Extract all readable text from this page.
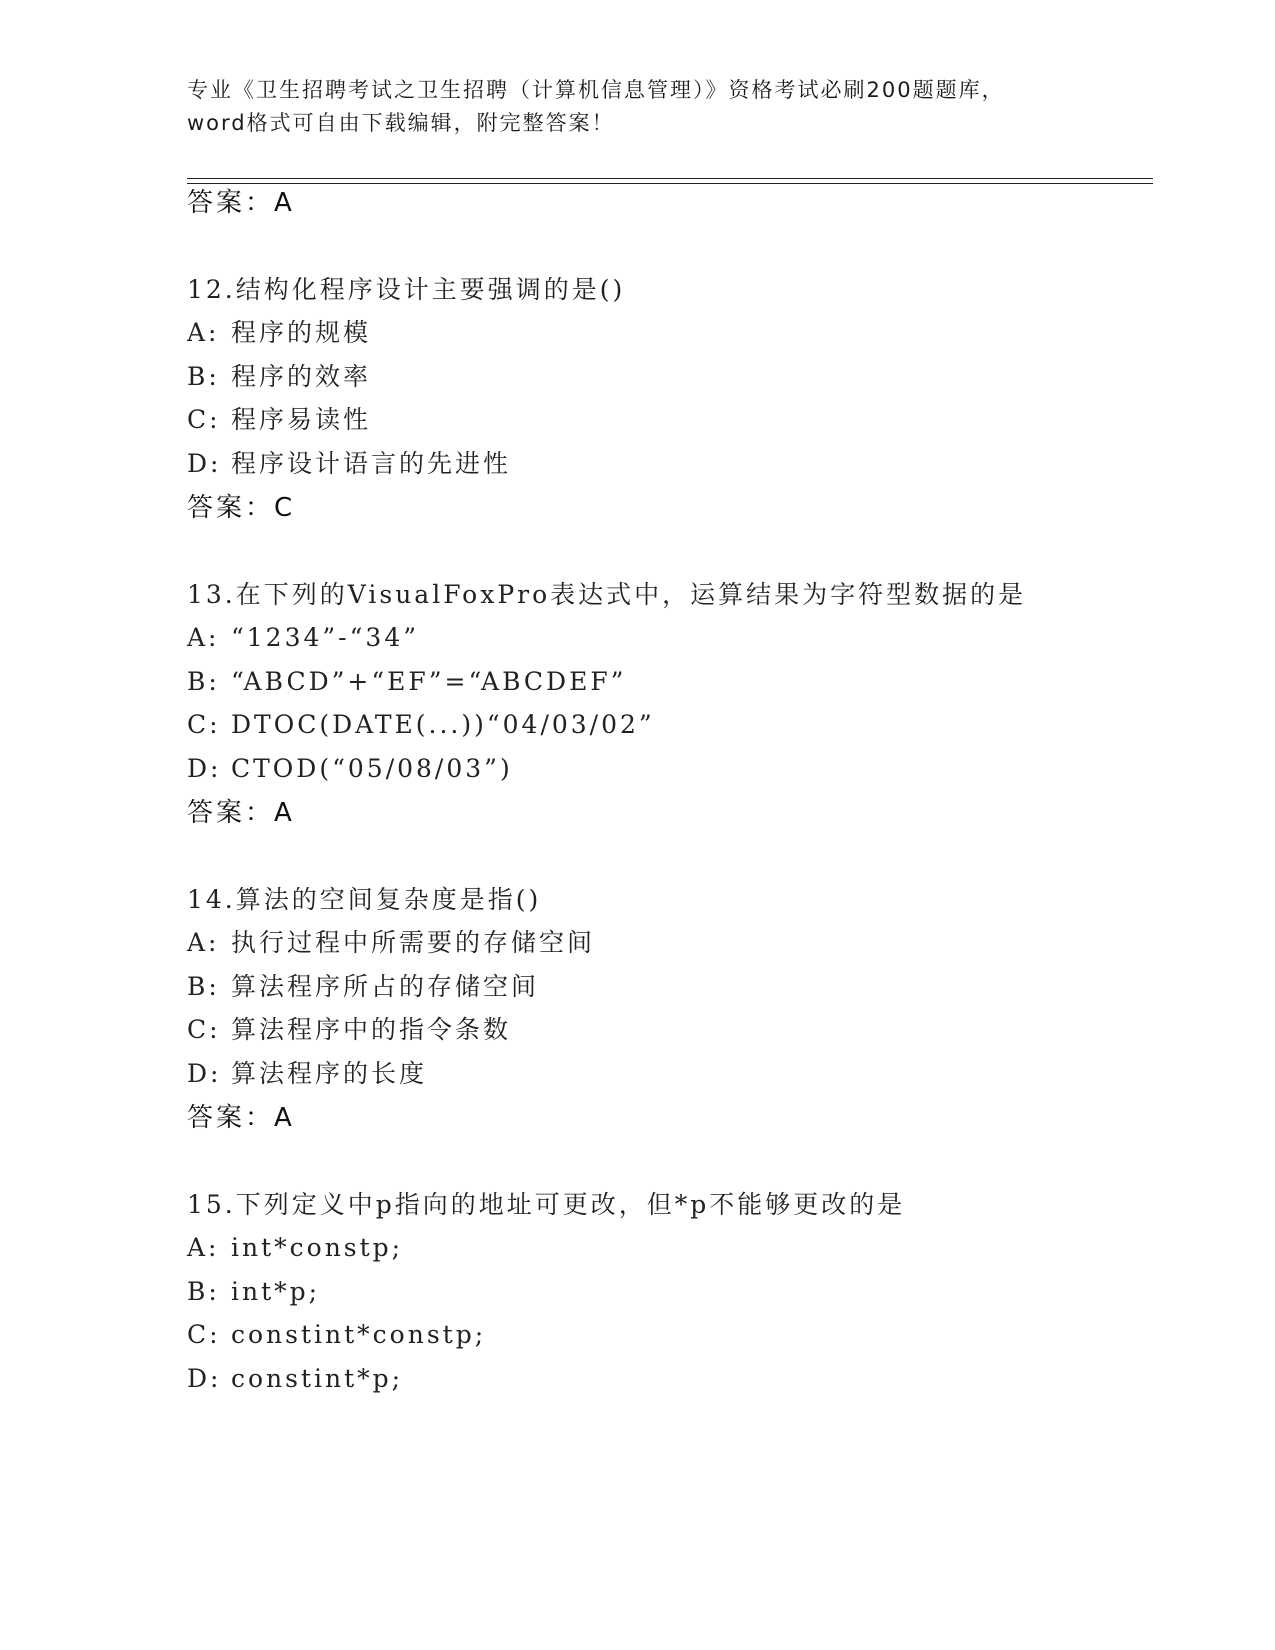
专业《卫生招聘考试之卫生招聘（计算机信息管理）》资格考试必刷200题题库，
word格式可自由下载编辑，附完整答案！
答案：A
12.结构化程序设计主要强调的是()
A: 程序的规模
B: 程序的效率
C: 程序易读性
D: 程序设计语言的先进性
答案：C
13.在下列的VisualFoxPro表达式中，运算结果为字符型数据的是
A: “1234”-“34”
B: “ABCD”+“EF”=“ABCDEF”
C: DTOC(DATE(...))“04/03/02”
D: CTOD(“05/08/03”)
答案：A
14.算法的空间复杂度是指()
A: 执行过程中所需要的存储空间
B: 算法程序所占的存储空间
C: 算法程序中的指令条数
D: 算法程序的长度
答案：A
15.下列定义中p指向的地址可更改，但*p不能够更改的是
A: int*constp;
B: int*p;
C: constint*constp;
D: constint*p;
